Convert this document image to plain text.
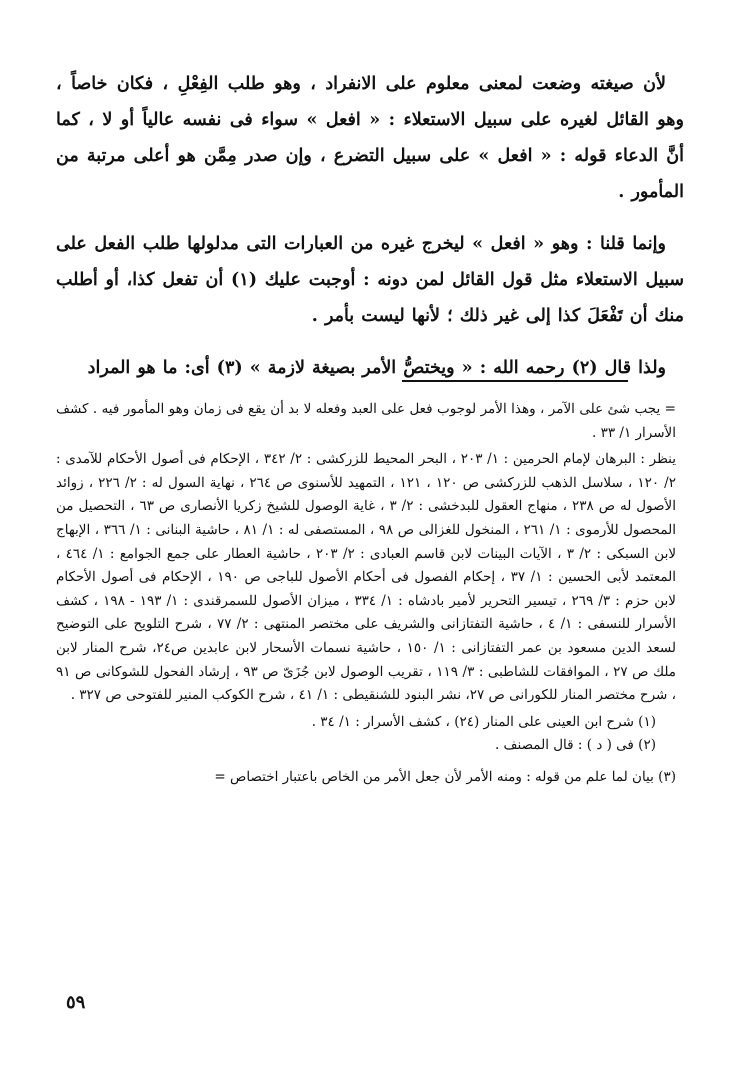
لأن صيغته وضعت لمعنى معلوم على الانفراد ، وهو طلب الفِعْلِ ، فكان خاصاً ، وهو القائل لغيره على سبيل الاستعلاء : « افعل » سواء فى نفسه عالياً أو لا ، كما أنَّ الدعاء قوله : « افعل » على سبيل التضرع ، وإن صدر مِمَّن هو أعلى مرتبة من المأمور .

وإنما قلنا : وهو « افعل » ليخرج غيره من العبارات التى مدلولها طلب الفعل على سبيل الاستعلاء مثل قول القائل لمن دونه : أوجبت عليك (١) أن تفعل كذا، أو أطلب منك أن تَفْعَلَ كذا إلى غير ذلك ؛ لأنها ليست بأمر .

ولذا قال (٢) رحمه الله : « ويختصُّ الأمر بصيغة لازمة » (٣) أى: ما هو المراد

= يجب شئ على الآمر ، وهذا الأمر لوجوب فعل على العبد وفعله لا بد أن يقع فى زمان وهو المأمور فيه . كشف الأسرار ١/ ٣٣ .

ينظر : البرهان لإمام الحرمين : ١/ ٢٠٣ ، البحر المحيط للزركشى : ٢/ ٣٤٢ ، الإحكام فى أصول الأحكام للآمدى : ٢/ ١٢٠ ، سلاسل الذهب للزركشى ص ١٢٠ ، ١٢١ ، التمهيد للأسنوى ص ٢٦٤ ، نهاية السول له : ٢/ ٢٢٦ ، زوائد الأصول له ص ٢٣٨ ، منهاج العقول للبدخشى : ٢/ ٣ ، غاية الوصول للشيخ زكريا الأنصارى ص ٦٣ ، التحصيل من المحصول للأرموى : ١/ ٢٦١ ، المنخول للغزالى ص ٩٨ ، المستصفى له : ١/ ٨١ ، حاشية البنانى : ١/ ٣٦٦ ، الإبهاج لابن السبكى : ٢/ ٣ ، الآيات البينات لابن قاسم العبادى : ٢/ ٢٠٣ ، حاشية العطار على جمع الجوامع : ١/ ٤٦٤ ، المعتمد لأبى الحسين : ١/ ٣٧ ، إحكام الفصول فى أحكام الأصول للباجى ص ١٩٠ ، الإحكام فى أصول الأحكام لابن حزم : ٣/ ٢٦٩ ، تيسير التحرير لأمير بادشاه : ١/ ٣٣٤ ، ميزان الأصول للسمرقندى : ١/ ١٩٣ - ١٩٨ ، كشف الأسرار للنسفى : ١/ ٤ ، حاشية التفتازانى والشريف على مختصر المنتهى : ٢/ ٧٧ ، شرح التلويح على التوضيح لسعد الدين مسعود بن عمر التفتازانى : ١/ ١٥٠ ، حاشية نسمات الأسحار لابن عابدين ص٢٤، شرح المنار لابن ملك ص ٢٧ ، الموافقات للشاطبى : ٣/ ١١٩ ، تقريب الوصول لابن جُزَىّ ص ٩٣ ، إرشاد الفحول للشوكانى ص ٩١ ، شرح مختصر المنار للكورانى ص ٢٧، نشر البنود للشنقيطى : ١/ ٤١ ، شرح الكوكب المنير للفتوحى ص ٣٢٧ .

(١) شرح ابن العينى على المنار (٢٤) ، كشف الأسرار : ١/ ٣٤ .

(٢) فى ( د ) : قال المصنف .

(٣) بيان لما علم من قوله : ومنه الأمر لأن جعل الأمر من الخاص باعتبار اختصاص =

٥٩
